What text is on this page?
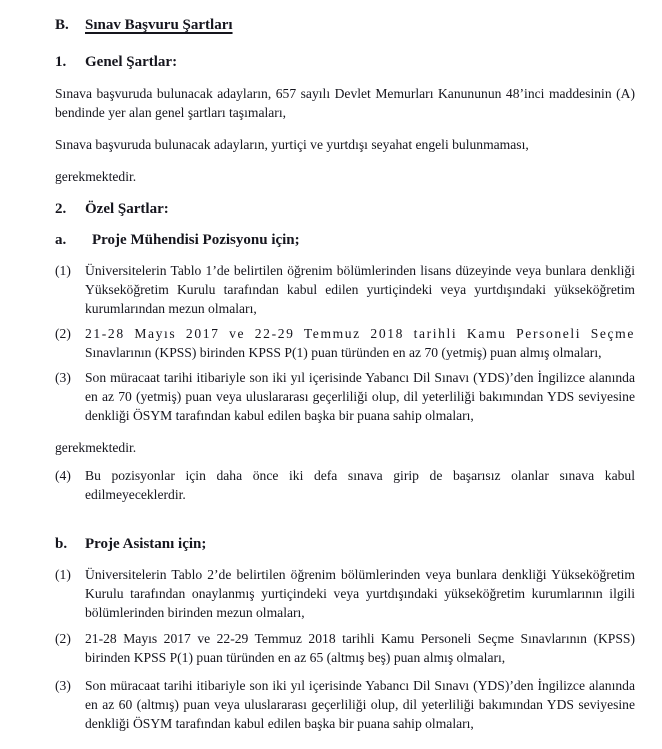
B.	Sınav Başvuru Şartları
1.	Genel Şartlar:

Sınava başvuruda bulunacak adayların, 657 sayılı Devlet Memurları Kanununun 48’inci maddesinin (A) bendinde yer alan genel şartları taşımaları,

Sınava başvuruda bulunacak adayların, yurtiçi ve yurtdışı seyahat engeli bulunmaması,

gerekmektedir.

2.	Özel Şartlar:
a.	Proje Mühendisi Pozisyonu için;
(1)	Üniversitelerin Tablo 1’de belirtilen öğrenim bölümlerinden lisans düzeyinde veya bunlara denkliği Yükseköğretim Kurulu tarafından kabul edilen yurtiçindeki veya yurtdışındaki yükseköğretim kurumlarından mezun olmaları,
(2)	21-28 Mayıs 2017 ve 22-29 Temmuz 2018 tarihli Kamu Personeli Seçme Sınavlarının (KPSS) birinden KPSS P(1) puan türünden en az 70 (yetmiş) puan almış olmaları,
(3)	Son müracaat tarihi itibariyle son iki yıl içerisinde Yabancı Dil Sınavı (YDS)’den İngilizce alanında en az 70 (yetmiş) puan veya uluslararası geçerliliği olup, dil yeterliliği bakımından YDS seviyesine denkliği ÖSYM tarafından kabul edilen başka bir puana sahip olmaları,

gerekmektedir.

(4)	Bu pozisyonlar için daha önce iki defa sınava girip de başarısız olanlar sınava kabul edilmeyeceklerdir.
b.	Proje Asistanı için;
(1)	Üniversitelerin Tablo 2’de belirtilen öğrenim bölümlerinden veya bunlara denkliği Yükseköğretim Kurulu tarafından onaylanmış yurtiçindeki veya yurtdışındaki yükseköğretim kurumlarının ilgili bölümlerinden birinden mezun olmaları,
(2)	21-28 Mayıs 2017 ve 22-29 Temmuz 2018 tarihli Kamu Personeli Seçme Sınavlarının (KPSS) birinden KPSS P(1) puan türünden en az 65 (altmış beş) puan almış olmaları,
(3)	Son müracaat tarihi itibariyle son iki yıl içerisinde Yabancı Dil Sınavı (YDS)’den İngilizce alanında en az 60 (altmış) puan veya uluslararası geçerliliği olup, dil yeterliliği bakımından YDS seviyesine denkliği ÖSYM tarafından kabul edilen başka bir puana sahip olmaları,
